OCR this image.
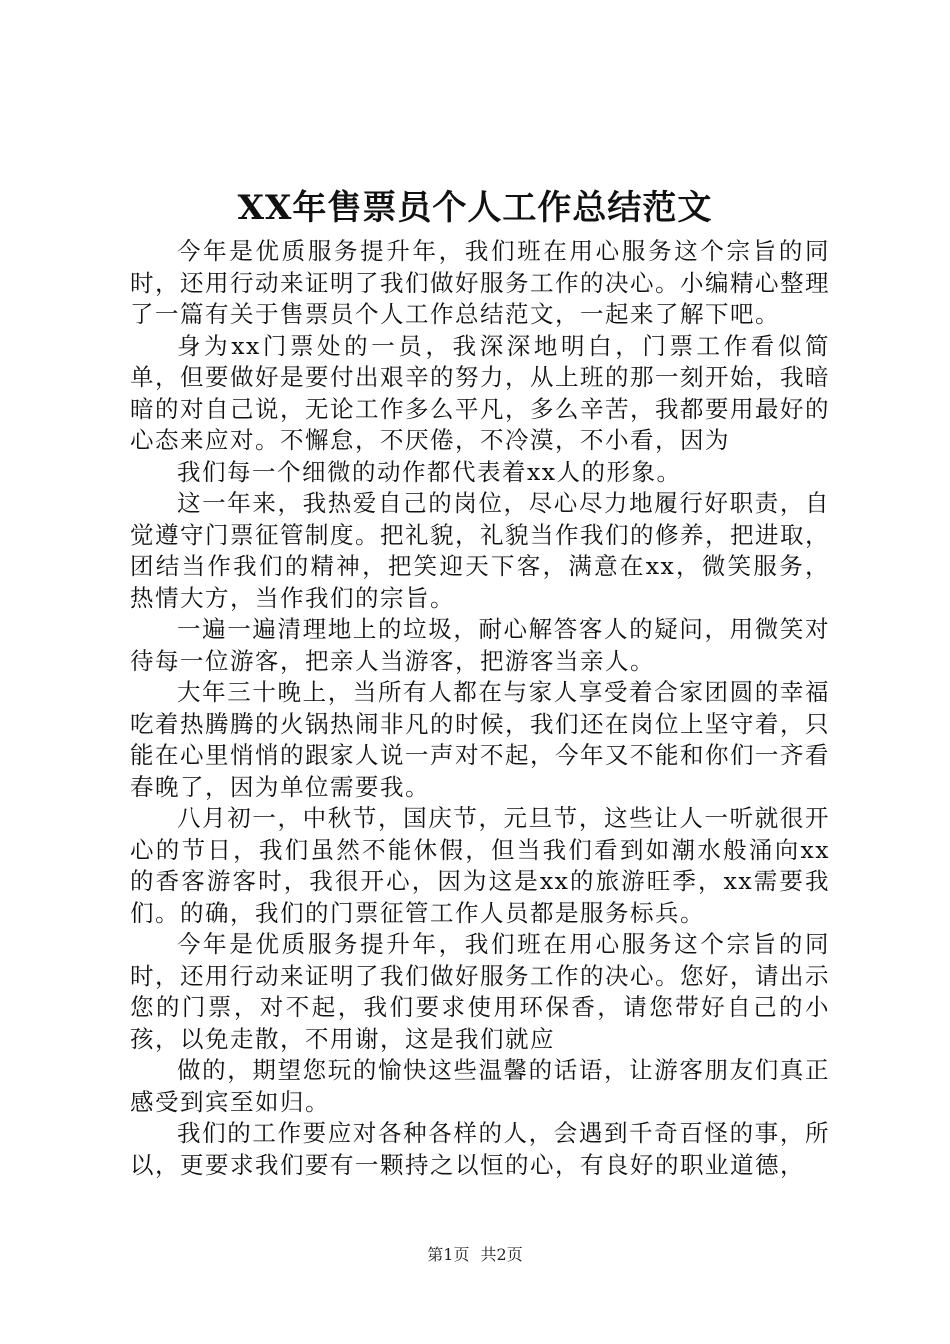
XX年售票员个人工作总结范文

今年是优质服务提升年，我们班在用心服务这个宗旨的同时，还用行动来证明了我们做好服务工作的决心。小编精心整理了一篇有关于售票员个人工作总结范文，一起来了解下吧。

身为xx门票处的一员，我深深地明白，门票工作看似简单，但要做好是要付出艰辛的努力，从上班的那一刻开始，我暗暗的对自己说，无论工作多么平凡，多么辛苦，我都要用最好的心态来应对。不懈怠，不厌倦，不冷漠，不小看，因为

我们每一个细微的动作都代表着xx人的形象。

这一年来，我热爱自己的岗位，尽心尽力地履行好职责，自觉遵守门票征管制度。把礼貌，礼貌当作我们的修养，把进取，团结当作我们的精神，把笑迎天下客，满意在xx，微笑服务，热情大方，当作我们的宗旨。

一遍一遍清理地上的垃圾，耐心解答客人的疑问，用微笑对待每一位游客，把亲人当游客，把游客当亲人。

大年三十晚上，当所有人都在与家人享受着合家团圆的幸福吃着热腾腾的火锅热闹非凡的时候，我们还在岗位上坚守着，只能在心里悄悄的跟家人说一声对不起，今年又不能和你们一齐看春晚了，因为单位需要我。

八月初一，中秋节，国庆节，元旦节，这些让人一听就很开心的节日，我们虽然不能休假，但当我们看到如潮水般涌向xx的香客游客时，我很开心，因为这是xx的旅游旺季，xx需要我们。的确，我们的门票征管工作人员都是服务标兵。

今年是优质服务提升年，我们班在用心服务这个宗旨的同时，还用行动来证明了我们做好服务工作的决心。您好，请出示您的门票，对不起，我们要求使用环保香，请您带好自己的小孩，以免走散，不用谢，这是我们就应

做的，期望您玩的愉快这些温馨的话语，让游客朋友们真正感受到宾至如归。

我们的工作要应对各种各样的人，会遇到千奇百怪的事，所以，更要求我们要有一颗持之以恒的心，有良好的职业道德，

第1页 共2页
